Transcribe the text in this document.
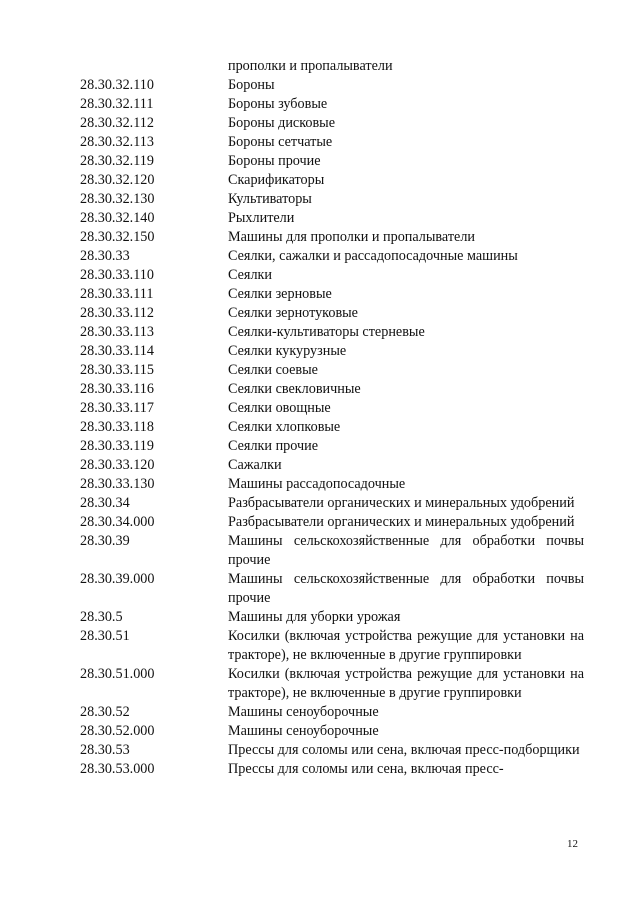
прополки и пропалыватели
28.30.32.110	Бороны
28.30.32.111	Бороны зубовые
28.30.32.112	Бороны дисковые
28.30.32.113	Бороны сетчатые
28.30.32.119	Бороны прочие
28.30.32.120	Скарификаторы
28.30.32.130	Культиваторы
28.30.32.140	Рыхлители
28.30.32.150	Машины для прополки и пропалыватели
28.30.33	Сеялки, сажалки и рассадопосадочные машины
28.30.33.110	Сеялки
28.30.33.111	Сеялки зерновые
28.30.33.112	Сеялки зернотуковые
28.30.33.113	Сеялки-культиваторы стерневые
28.30.33.114	Сеялки кукурузные
28.30.33.115	Сеялки соевые
28.30.33.116	Сеялки свекловичные
28.30.33.117	Сеялки овощные
28.30.33.118	Сеялки хлопковые
28.30.33.119	Сеялки прочие
28.30.33.120	Сажалки
28.30.33.130	Машины рассадопосадочные
28.30.34	Разбрасыватели органических и минеральных удобрений
28.30.34.000	Разбрасыватели органических и минеральных удобрений
28.30.39	Машины сельскохозяйственные для обработки почвы прочие
28.30.39.000	Машины сельскохозяйственные для обработки почвы прочие
28.30.5	Машины для уборки урожая
28.30.51	Косилки (включая устройства режущие для установки на тракторе), не включенные в другие группировки
28.30.51.000	Косилки (включая устройства режущие для установки на тракторе), не включенные в другие группировки
28.30.52	Машины сеноуборочные
28.30.52.000	Машины сеноуборочные
28.30.53	Прессы для соломы или сена, включая пресс-подборщики
28.30.53.000	Прессы для соломы или сена, включая пресс-
12
